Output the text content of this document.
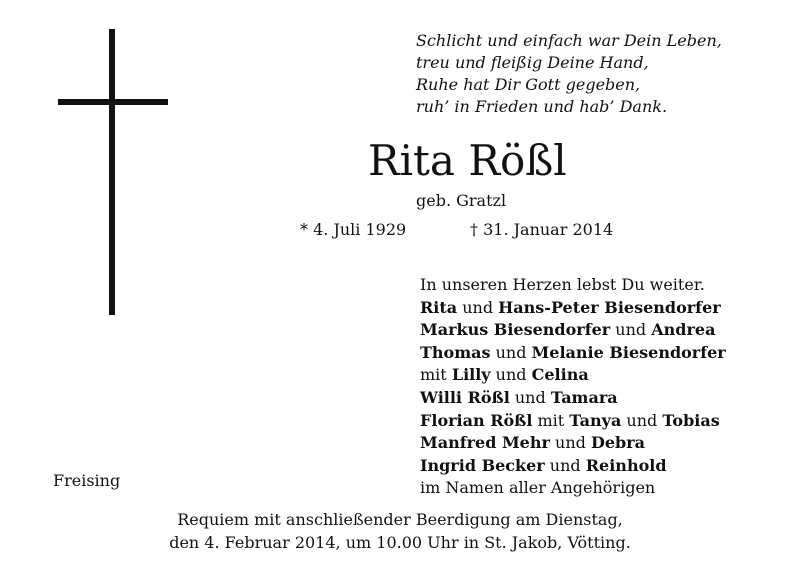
Schlicht und einfach war Dein Leben,
treu und fleißig Deine Hand,
Ruhe hat Dir Gott gegeben,
ruh’ in Frieden und hab’ Dank.
Rita Rößl
geb. Gratzl
* 4. Juli 1929	† 31. Januar 2014
In unseren Herzen lebst Du weiter.
Rita und Hans-Peter Biesendorfer
Markus Biesendorfer und Andrea
Thomas und Melanie Biesendorfer
mit Lilly und Celina
Willi Rößl und Tamara
Florian Rößl mit Tanya und Tobias
Manfred Mehr und Debra
Ingrid Becker und Reinhold
im Namen aller Angehörigen
Freising
Requiem mit anschließender Beerdigung am Dienstag,
den 4. Februar 2014, um 10.00 Uhr in St. Jakob, Vötting.
